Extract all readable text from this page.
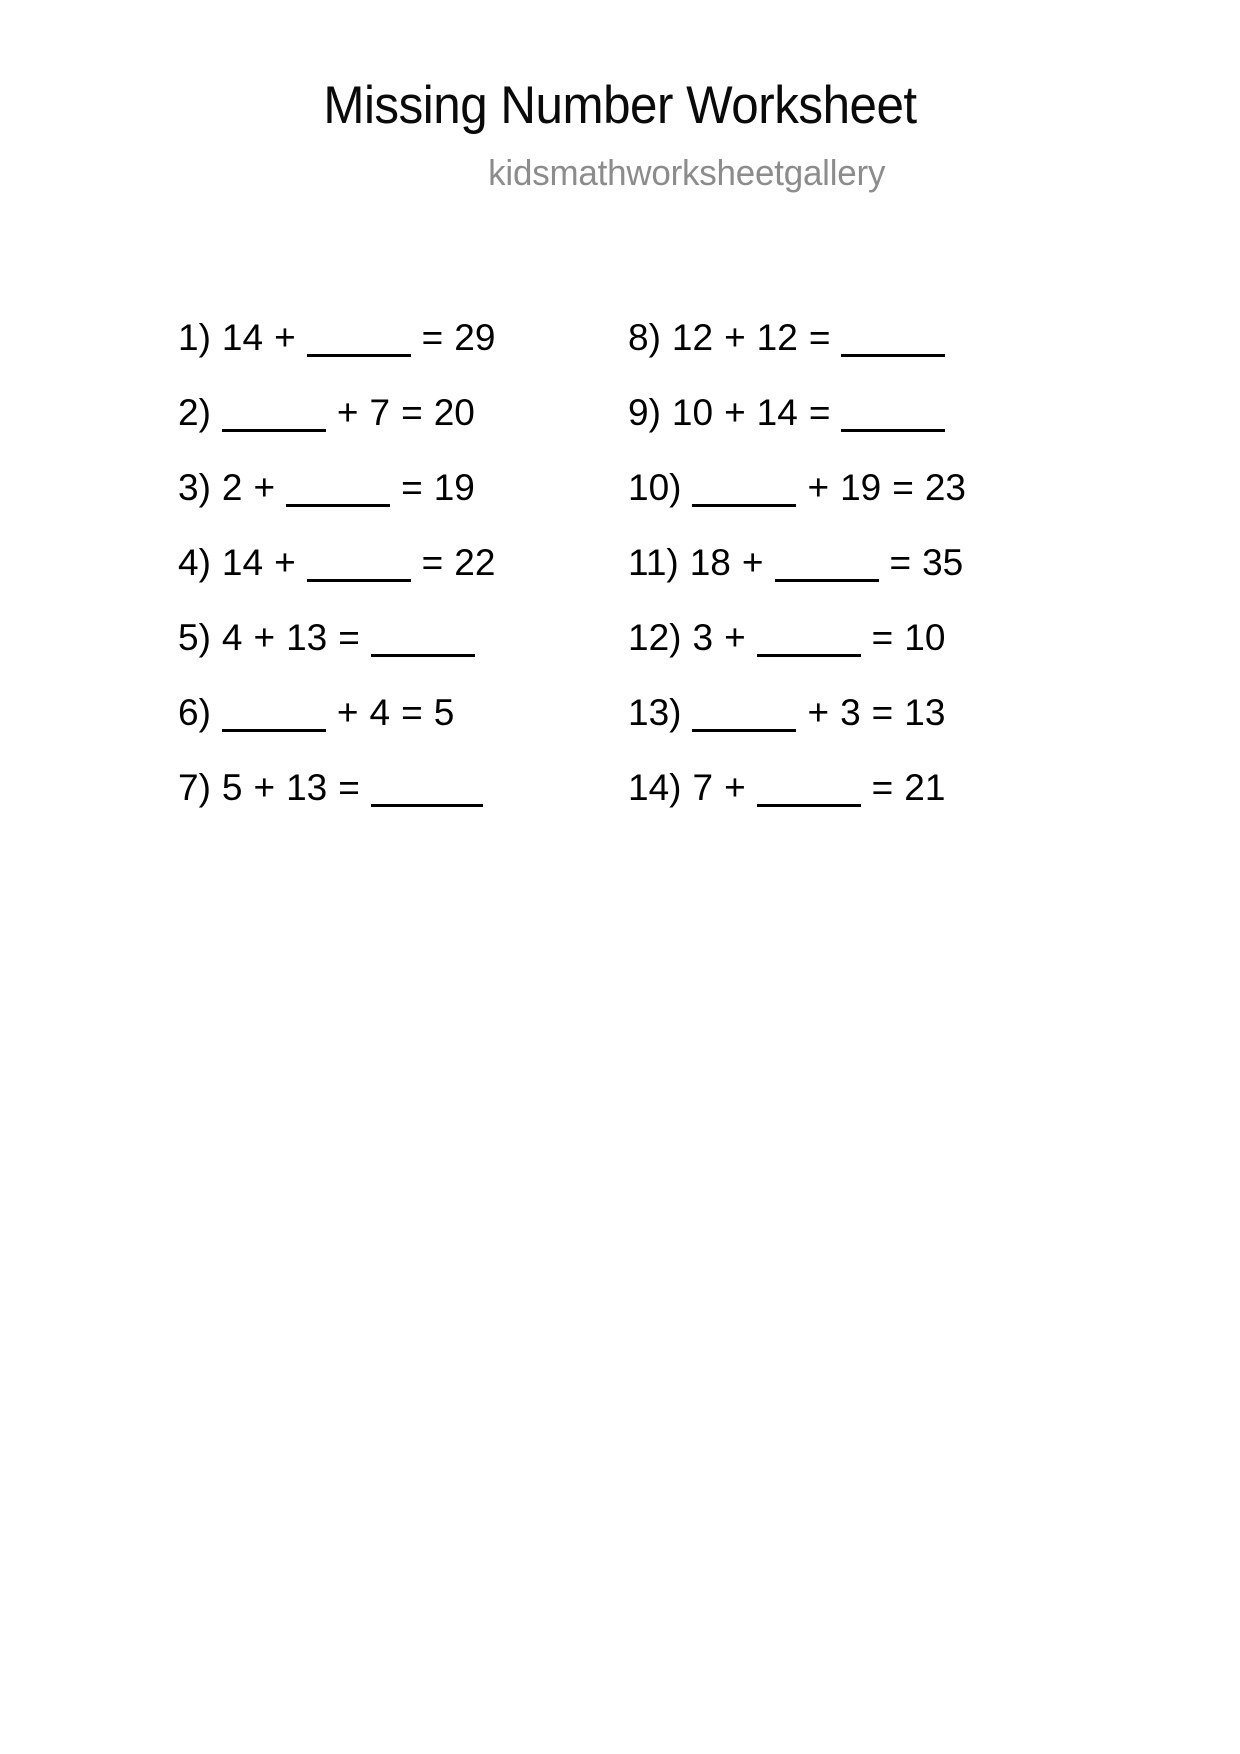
Missing Number Worksheet
kidsmathworksheetgallery
1) 14 +	= 29
2)	+ 7 = 20
3) 2 +	= 19
4) 14 +	= 22
5) 4 + 13 =
6)	+ 4 = 5
7) 5 + 13 =
8) 12 + 12 =
9) 10 + 14 =
10)	+ 19 = 23
11) 18 +	= 35
12) 3 +	= 10
13)	+ 3 = 13
14) 7 +	= 21
